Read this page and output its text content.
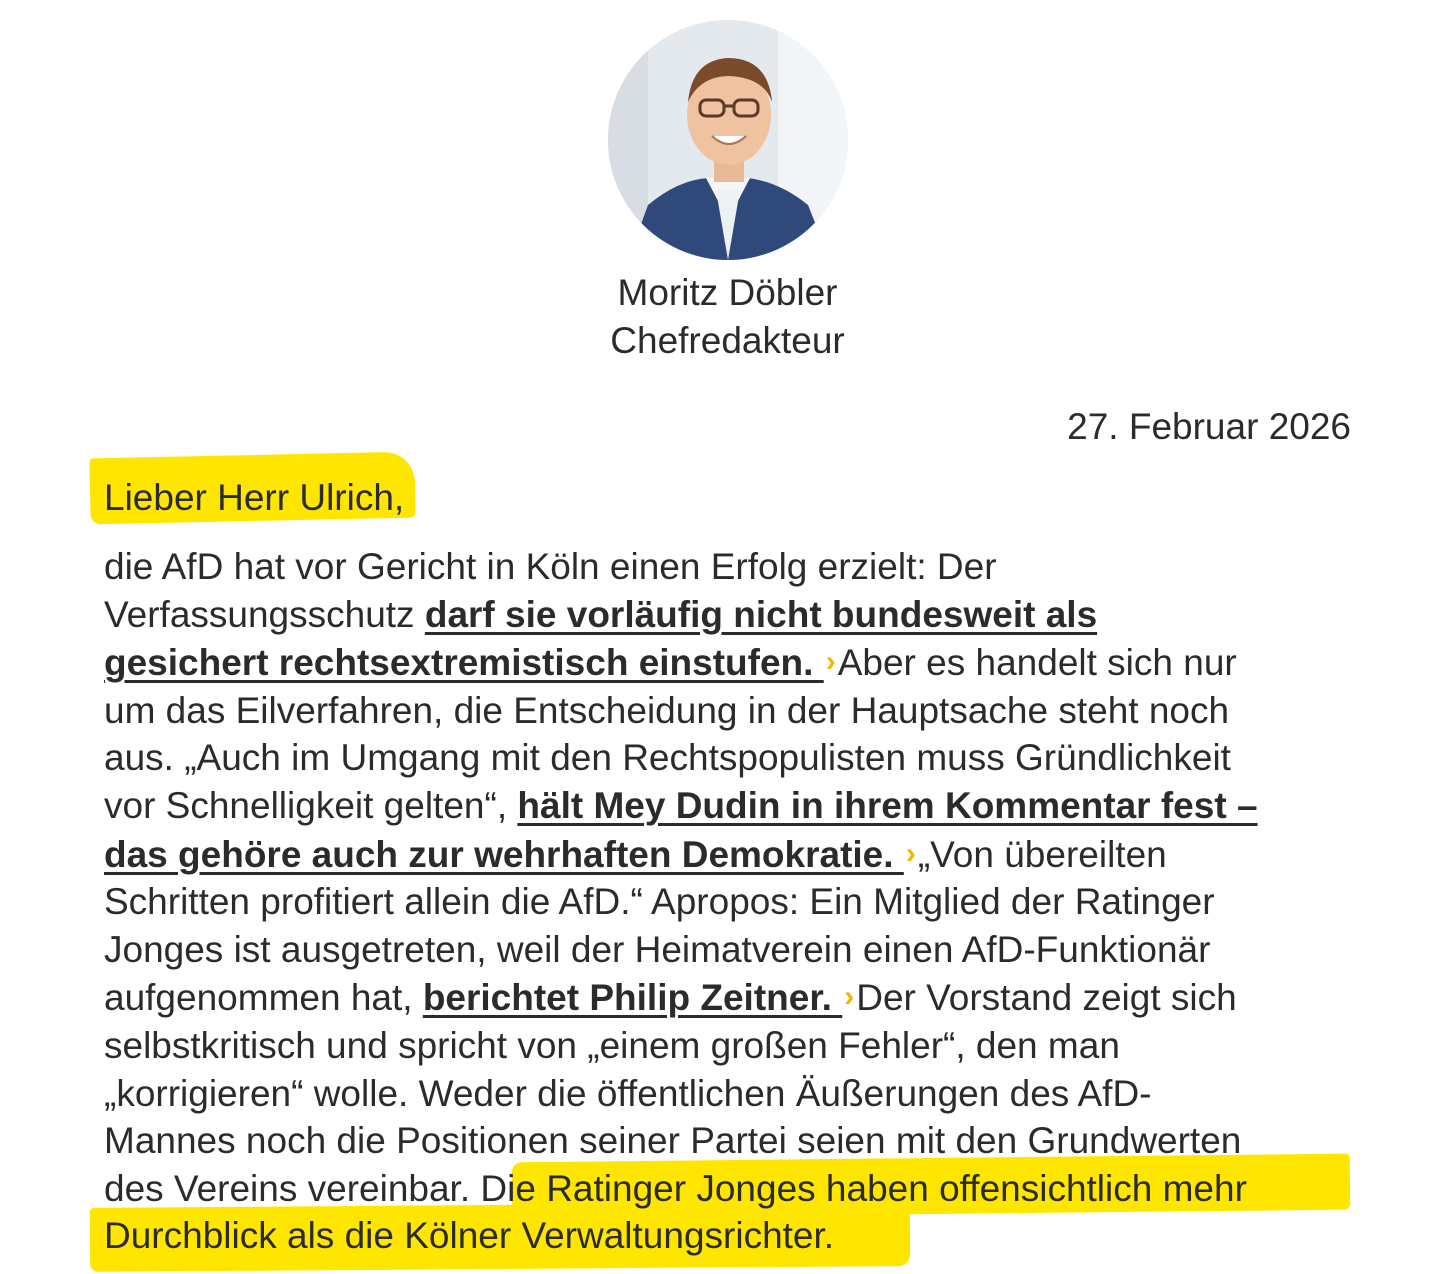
Moritz Döbler
Chefredakteur
27. Februar 2026
Lieber Herr Ulrich,
die AfD hat vor Gericht in Köln einen Erfolg erzielt: Der
Verfassungsschutz darf sie vorläufig nicht bundesweit als
gesichert rechtsextremistisch einstufen. ›Aber es handelt sich nur
um das Eilverfahren, die Entscheidung in der Hauptsache steht noch
aus. „Auch im Umgang mit den Rechtspopulisten muss Gründlichkeit
vor Schnelligkeit gelten“, hält Mey Dudin in ihrem Kommentar fest –
das gehöre auch zur wehrhaften Demokratie. ›„Von übereilten
Schritten profitiert allein die AfD.“ Apropos: Ein Mitglied der Ratinger
Jonges ist ausgetreten, weil der Heimatverein einen AfD-Funktionär
aufgenommen hat, berichtet Philip Zeitner. ›Der Vorstand zeigt sich
selbstkritisch und spricht von „einem großen Fehler“, den man
„korrigieren“ wolle. Weder die öffentlichen Äußerungen des AfD-
Mannes noch die Positionen seiner Partei seien mit den Grundwerten
des Vereins vereinbar. Die Ratinger Jonges haben offensichtlich mehr
Durchblick als die Kölner Verwaltungsrichter.
